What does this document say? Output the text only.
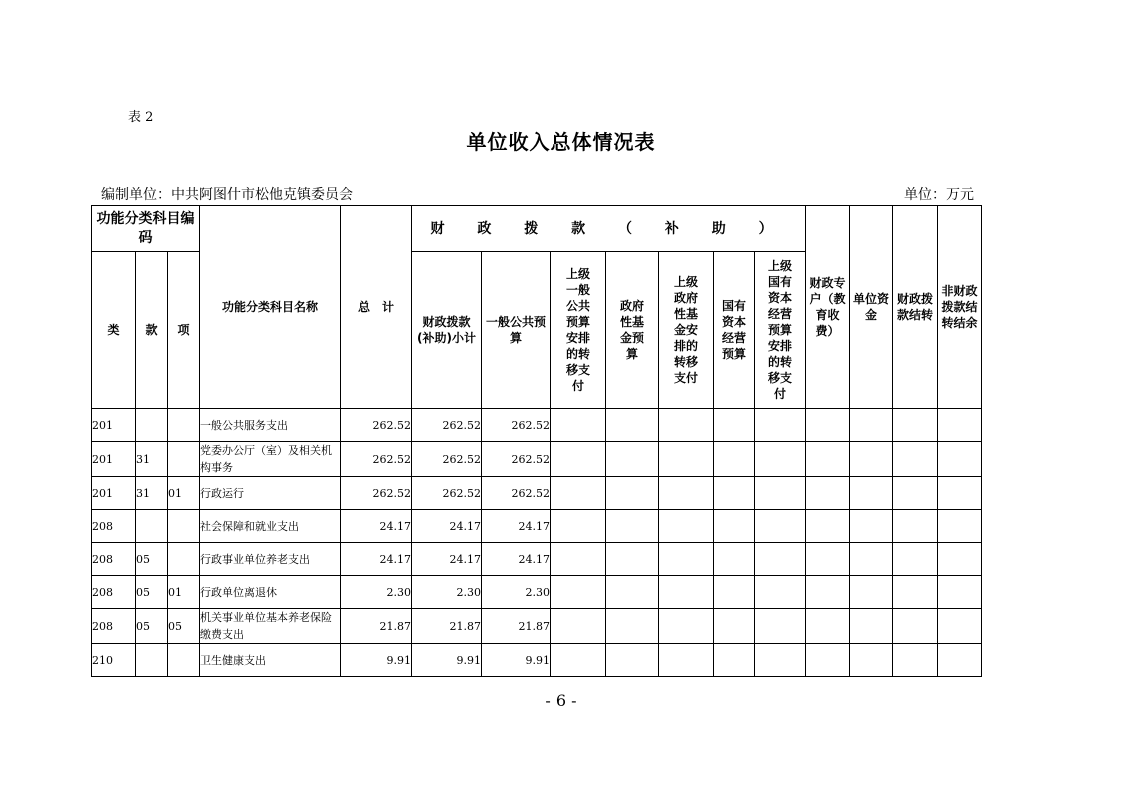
表 2
单位收入总体情况表
编制单位：中共阿图什市松他克镇委员会	单位：万元
功能分类科目编码			功能分类科目名称	总　计	财 政 拨 款 （ 补 助 ）							财政专户（教育收费）	单位资金	财政拨款结转	非财政拨款结转结余
类	款	项			财政拨款(补助)小计	一般公共预算	上级一般公共预算安排的转移支付	政府性基金预算	上级政府性基金安排的转移支付	国有资本经营预算	上级国有资本经营预算安排的转移支付				
201			一般公共服务支出	262.52	262.52	262.52									
201	31		党委办公厅（室）及相关机构事务	262.52	262.52	262.52									
201	31	01	行政运行	262.52	262.52	262.52									
208			社会保障和就业支出	24.17	24.17	24.17									
208	05		行政事业单位养老支出	24.17	24.17	24.17									
208	05	01	行政单位离退休	2.30	2.30	2.30									
208	05	05	机关事业单位基本养老保险缴费支出	21.87	21.87	21.87									
210			卫生健康支出	9.91	9.91	9.91									
- 6 -
